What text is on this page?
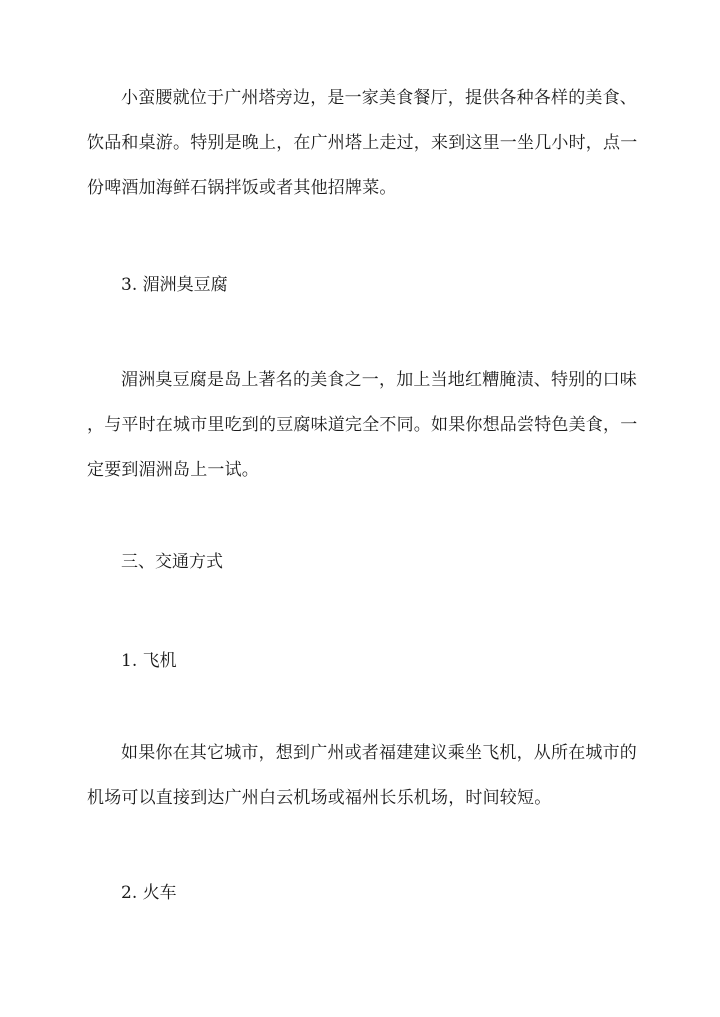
小蛮腰就位于广州塔旁边，是一家美食餐厅，提供各种各样的美食、
饮品和桌游。特别是晚上，在广州塔上走过，来到这里一坐几小时，点一
份啤酒加海鲜石锅拌饭或者其他招牌菜。
3. 湄洲臭豆腐
湄洲臭豆腐是岛上著名的美食之一，加上当地红糟腌渍、特别的口味
，与平时在城市里吃到的豆腐味道完全不同。如果你想品尝特色美食，一
定要到湄洲岛上一试。
三、交通方式
1. 飞机
如果你在其它城市，想到广州或者福建建议乘坐飞机，从所在城市的
机场可以直接到达广州白云机场或福州长乐机场，时间较短。
2. 火车
